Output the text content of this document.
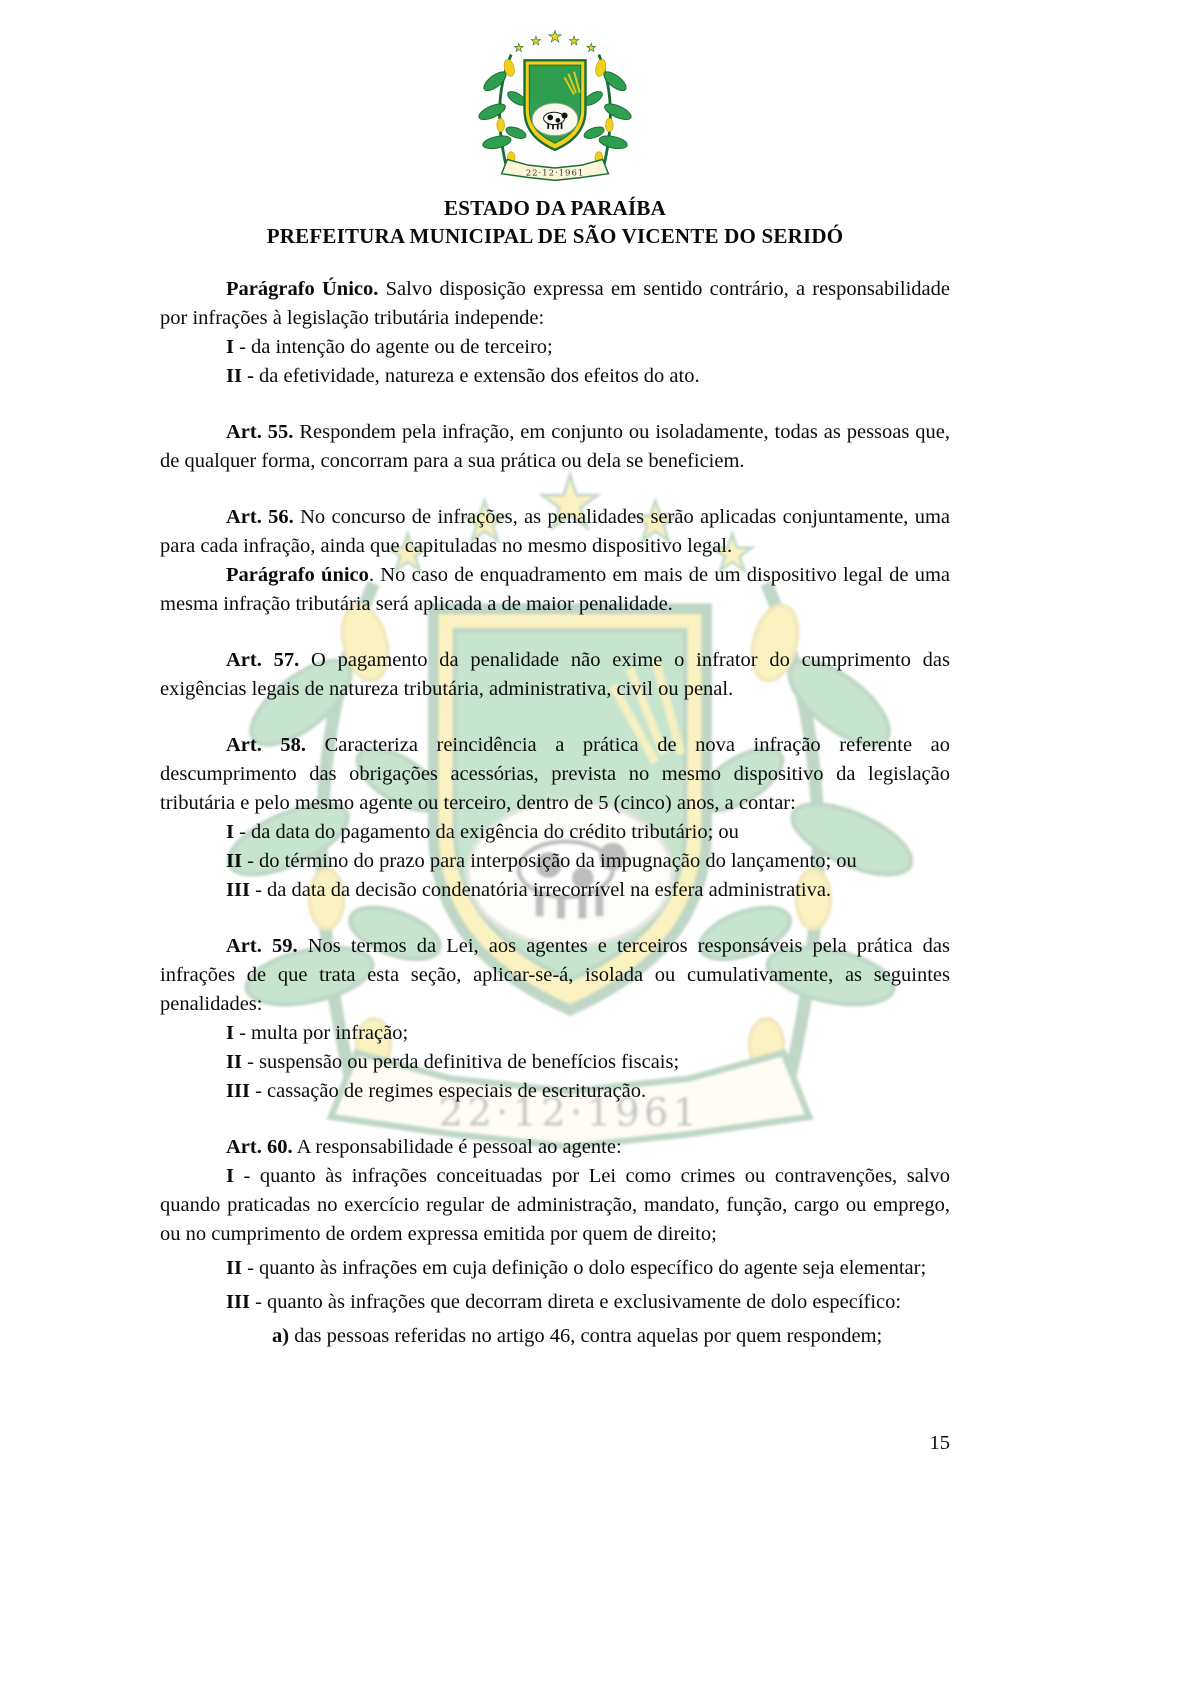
★ ★ ★ ★ ★
22·12·1961
ESTADO DA PARAÍBA
PREFEITURA MUNICIPAL DE SÃO VICENTE DO SERIDÓ

Parágrafo Único. Salvo disposição expressa em sentido contrário, a responsabilidade por infrações à legislação tributária independe:

I - da intenção do agente ou de terceiro;

II - da efetividade, natureza e extensão dos efeitos do ato.

Art. 55. Respondem pela infração, em conjunto ou isoladamente, todas as pessoas que, de qualquer forma, concorram para a sua prática ou dela se beneficiem.

Art. 56. No concurso de infrações, as penalidades serão aplicadas conjuntamente, uma para cada infração, ainda que capituladas no mesmo dispositivo legal.

Parágrafo único. No caso de enquadramento em mais de um dispositivo legal de uma mesma infração tributária será aplicada a de maior penalidade.

Art. 57. O pagamento da penalidade não exime o infrator do cumprimento das exigências legais de natureza tributária, administrativa, civil ou penal.

Art. 58. Caracteriza reincidência a prática de nova infração referente ao descumprimento das obrigações acessórias, prevista no mesmo dispositivo da legislação tributária e pelo mesmo agente ou terceiro, dentro de 5 (cinco) anos, a contar:

I - da data do pagamento da exigência do crédito tributário; ou

II - do término do prazo para interposição da impugnação do lançamento; ou

III - da data da decisão condenatória irrecorrível na esfera administrativa.

Art. 59. Nos termos da Lei, aos agentes e terceiros responsáveis pela prática das infrações de que trata esta seção, aplicar-se-á, isolada ou cumulativamente, as seguintes penalidades:

I - multa por infração;

II - suspensão ou perda definitiva de benefícios fiscais;

III - cassação de regimes especiais de escrituração.

Art. 60. A responsabilidade é pessoal ao agente:

I - quanto às infrações conceituadas por Lei como crimes ou contravenções, salvo quando praticadas no exercício regular de administração, mandato, função, cargo ou emprego, ou no cumprimento de ordem expressa emitida por quem de direito;

II - quanto às infrações em cuja definição o dolo específico do agente seja elementar;

III - quanto às infrações que decorram direta e exclusivamente de dolo específico:

a) das pessoas referidas no artigo 46, contra aquelas por quem respondem;

15
